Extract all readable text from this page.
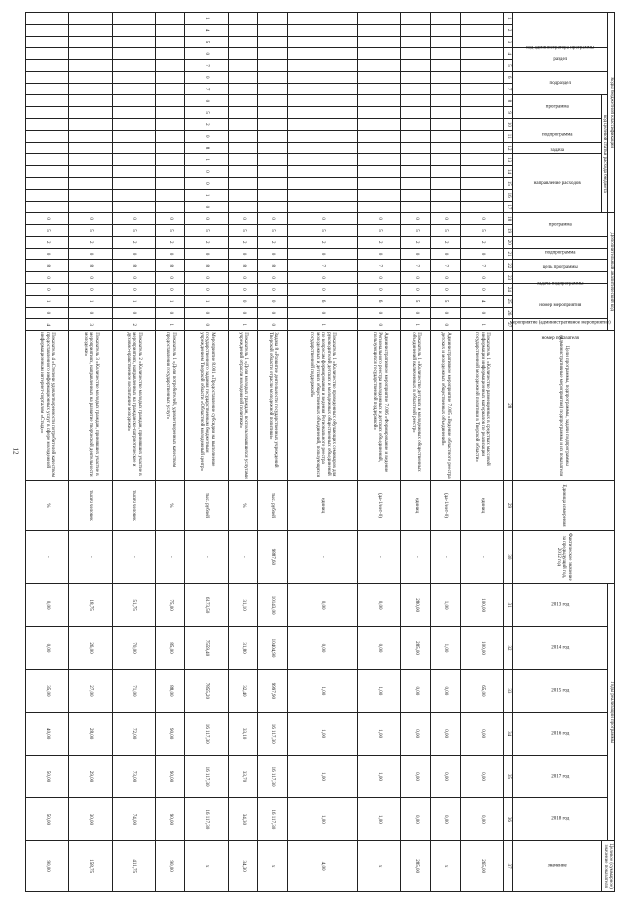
12
Коды бюджетной классификации																	Дополнительный аналитический код										Цели программы, подпрограммы, задачи подпрограммы (административные мероприятия) подпрограммы и их показатели	Единица измерения	Фактическое значение за предыдущий год, 2012 год	Годы реализации программы						Целевое (суммарное) значение показателя
код администратора программы			раздел		подраздел		код целевой статьи расхода бюджета										программа		подпрограмма	цель программы	задача подпрограммы	мероприятие (административное мероприятие)	номер мероприятия			номер показателя				2013 год	2014 год	2015 год	2016 год	2017 год	2018 год	
							программа		подпрограмма		задача	направление расходов																								значение
1	2	3	4	5	6	7	8	9	10	11	12	13	14	15	16	17	18	19	20	21	22	23	24	25	26	27	28	29	30	31	32	33	34	35	36	37
																	0	5	2	0	7	0	0	4	0	1	Показатель 1 «Количество размещенных в средствах массовой информации информационных материалов по реализации государственной молодежной политики в Тверской области»	единиц	-	100,00	100,00	65,00	0,00	0,00	0,00	265,00
																	0	5	2	0	7	0	0	5	0	0	Административное мероприятие 7.005 «Ведение областного реестра детских и молодежных общественных объединений»	(да-1/нет-0)	-	1,00	1,00	0,00	0,00	0,00	0,00	x
																	0	5	2	0	7	0	0	5	0	1	Показатель 1 «Количество детских и молодежных общественных объединений включенных в областной реестр»	единиц	-	280,00	285,00	0,00	0,00	0,00	0,00	285,00
																	0	5	2	0	7	0	0	6	0	0	Административное мероприятие 7.006 «Формирование и ведение Регионального реестра молодежных и детских объединений, пользующихся государственной поддержкой»	(да-1/нет-0)	-	0,00	0,00	1,00	1,00	1,00	1,00	x
																	0	5	2	0	7	0	0	6	0	1	Показатель 1 «Количество проведенных обучающих семинаров для руководителей детских и молодежных общественных объединений по вопросам формирования и ведения Регионального реестра молодежных и детских общественных объединений, пользующихся государственной поддержкой»	единиц	-	0,00	0,00	1,00	1,00	1,00	1,00	4,00
																	0	5	2	0	8	0	0	0	0	0	Задача 8 «Развитие деятельности государственных учреждений Тверской области отрасли молодежной политики»	тыс. рублей	9887,60	10143,00	10404,90	9997,90	16 117,30	16 117,30	16 117,30	x
																	0	5	2	0	8	0	0	0	0	1	Показатель 1 «Доля молодых граждан, воспользовавшихся услугами учреждений отрасли молодежной политики»	%	-	31,10	31,80	32,40	33,10	33,70	34,30	34,30
1	4	5	0	7	0	7	0	5	2	0	8	1	0	0	1	0	0	5	2	0	8	0	0	1	0	0	Мероприятие 8.001 «Предоставление субсидии на выполнение государственного задания государственным бюджетным учреждением Тверской области «Областной молодежный центр»	тыс. рублей	-	6173,50	7559,40	7855,20	16 117,30	16 117,30	16 117,30	x
																	0	5	2	0	8	0	0	1	0	1	Показатель 1 «Доля потребителей, удовлетворенных качеством предоставления государственных услуг»	%	-	75,00	85,00	88,00	90,00	90,00	90,00	90,00
																	0	5	2	0	8	0	0	1	0	2	Показатель 2 «Количество молодых граждан, принявших участие в мероприятиях, направленных на гражданско-патриотическое и духовно-нравственное воспитание молодежи»	тысяч человек	-	51,75	70,00	71,00	72,00	73,00	74,00	411,75
																	0	5	2	0	8	0	0	1	0	3	Показатель 3 «Количество молодых граждан, принявших участие в мероприятиях, направленных на развитие творческой деятельности молодежи»	тысяч человек	-	18,75	26,00	27,00	28,00	29,00	30,00	158,75
																	0	5	2	0	8	0	0	1	0	4	Показатель 4 «Степени удовлетворенности потребителей качеством предоставленного информационных услуг в сфере молодежной информационным интернет-порталом «Стыд»»	%	-	0,00	0,00	35,00	40,00	50,00	50,00	90,00
